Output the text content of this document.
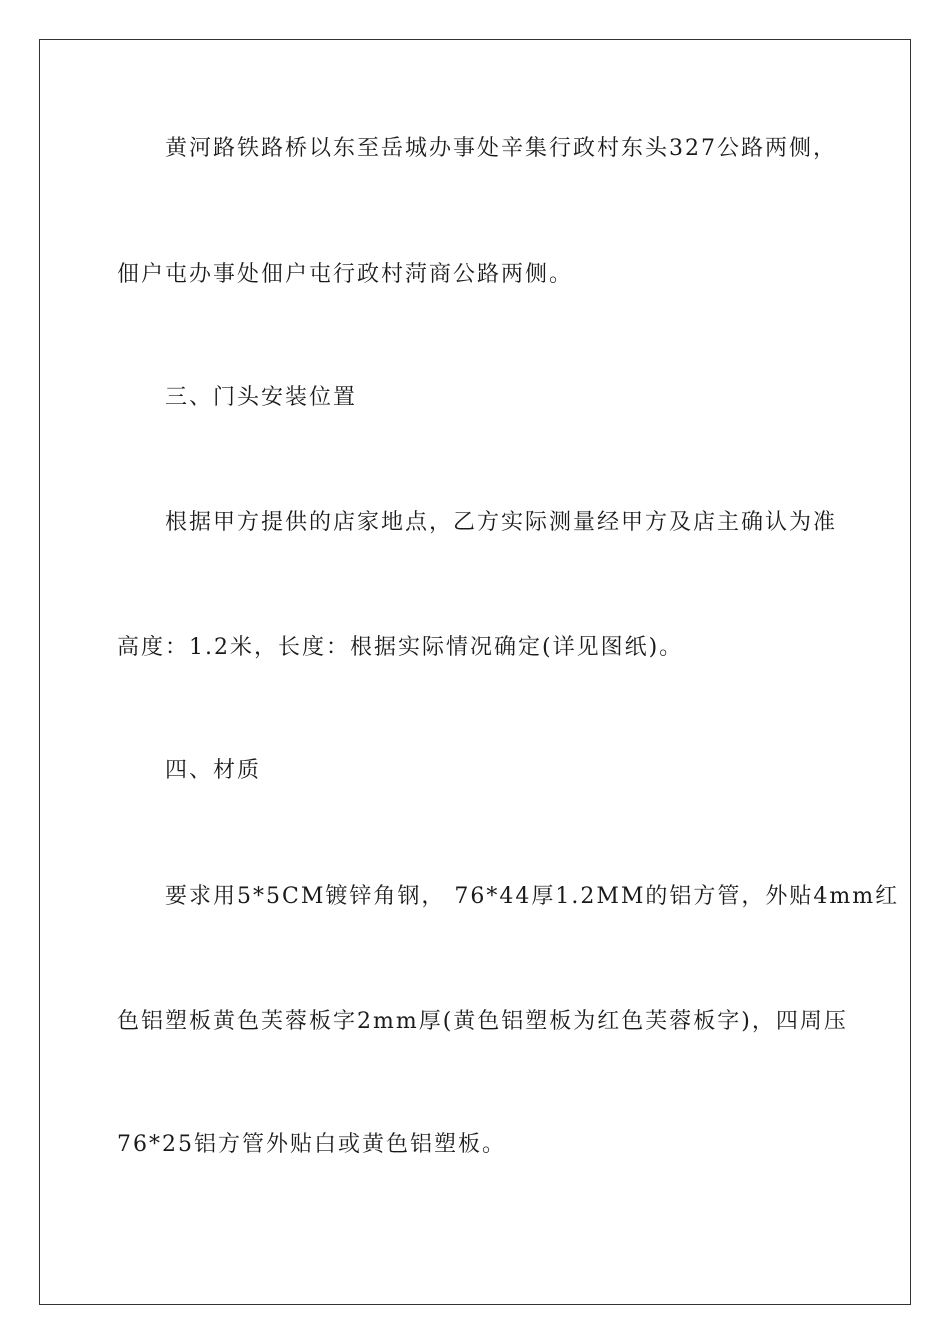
黄河路铁路桥以东至岳城办事处辛集行政村东头327公路两侧，
佃户屯办事处佃户屯行政村菏商公路两侧。
三、门头安装位置
根据甲方提供的店家地点，乙方实际测量经甲方及店主确认为准
高度：1.2米，长度：根据实际情况确定(详见图纸)。
四、材质
要求用5*5CM镀锌角钢， 76*44厚1.2MM的铝方管，外贴4mm红
色铝塑板黄色芙蓉板字2mm厚(黄色铝塑板为红色芙蓉板字)，四周压
76*25铝方管外贴白或黄色铝塑板。
